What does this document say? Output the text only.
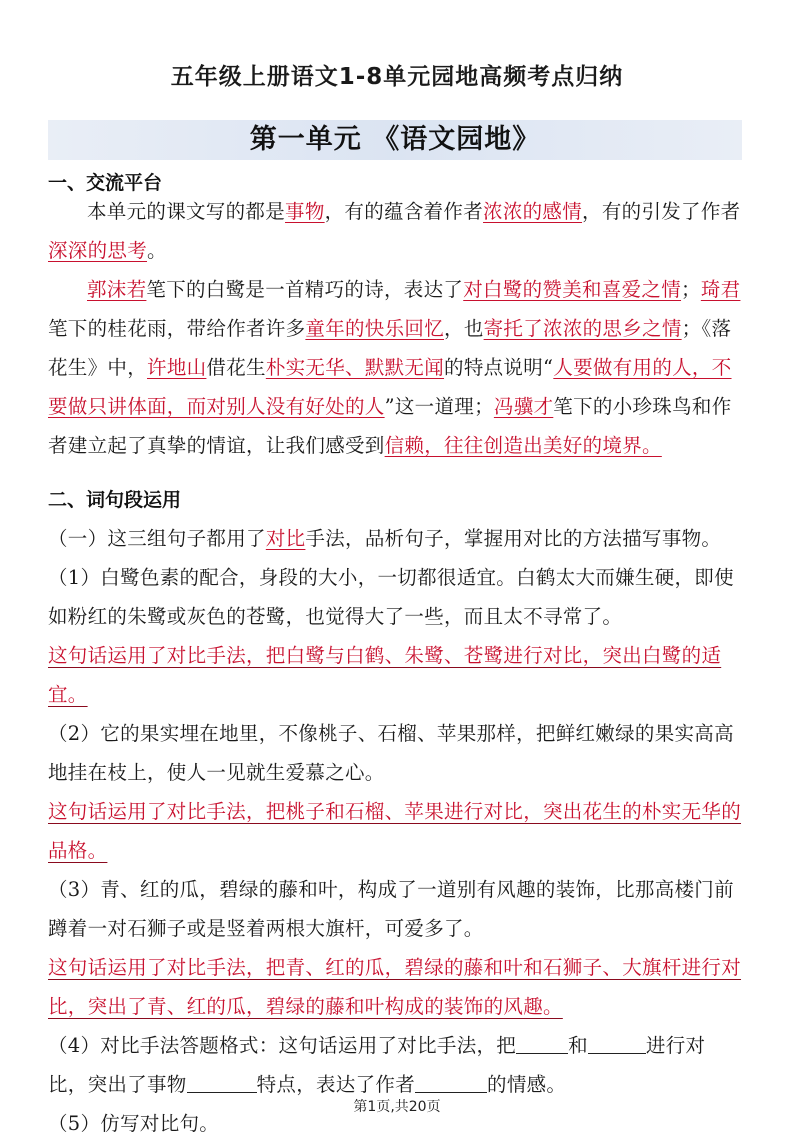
五年级上册语文1-8单元园地高频考点归纳
第一单元 《语文园地》
一、交流平台

本单元的课文写的都是事物，有的蕴含着作者浓浓的感情，有的引发了作者深深的思考。

郭沫若笔下的白鹭是一首精巧的诗，表达了对白鹭的赞美和喜爱之情；琦君笔下的桂花雨，带给作者许多童年的快乐回忆，也寄托了浓浓的思乡之情；《落花生》中，许地山借花生朴实无华、默默无闻的特点说明“人要做有用的人，不要做只讲体面，而对别人没有好处的人”这一道理；冯骥才笔下的小珍珠鸟和作者建立起了真挚的情谊，让我们感受到信赖，往往创造出美好的境界。

二、词句段运用

（一）这三组句子都用了对比手法，品析句子，掌握用对比的方法描写事物。

（1）白鹭色素的配合，身段的大小，一切都很适宜。白鹤太大而嫌生硬，即使如粉红的朱鹭或灰色的苍鹭，也觉得大了一些，而且太不寻常了。

这句话运用了对比手法，把白鹭与白鹤、朱鹭、苍鹭进行对比，突出白鹭的适宜。

（2）它的果实埋在地里，不像桃子、石榴、苹果那样，把鲜红嫩绿的果实高高地挂在枝上，使人一见就生爱慕之心。

这句话运用了对比手法，把桃子和石榴、苹果进行对比，突出花生的朴实无华的品格。

（3）青、红的瓜，碧绿的藤和叶，构成了一道别有风趣的装饰，比那高楼门前蹲着一对石狮子或是竖着两根大旗杆，可爱多了。

这句话运用了对比手法，把青、红的瓜，碧绿的藤和叶和石狮子、大旗杆进行对比，突出了青、红的瓜，碧绿的藤和叶构成的装饰的风趣。

（4）对比手法答题格式：这句话运用了对比手法，把	和	进行对比，突出了事物	特点，表达了作者	的情感。

（5）仿写对比句。

第1页,共20页
